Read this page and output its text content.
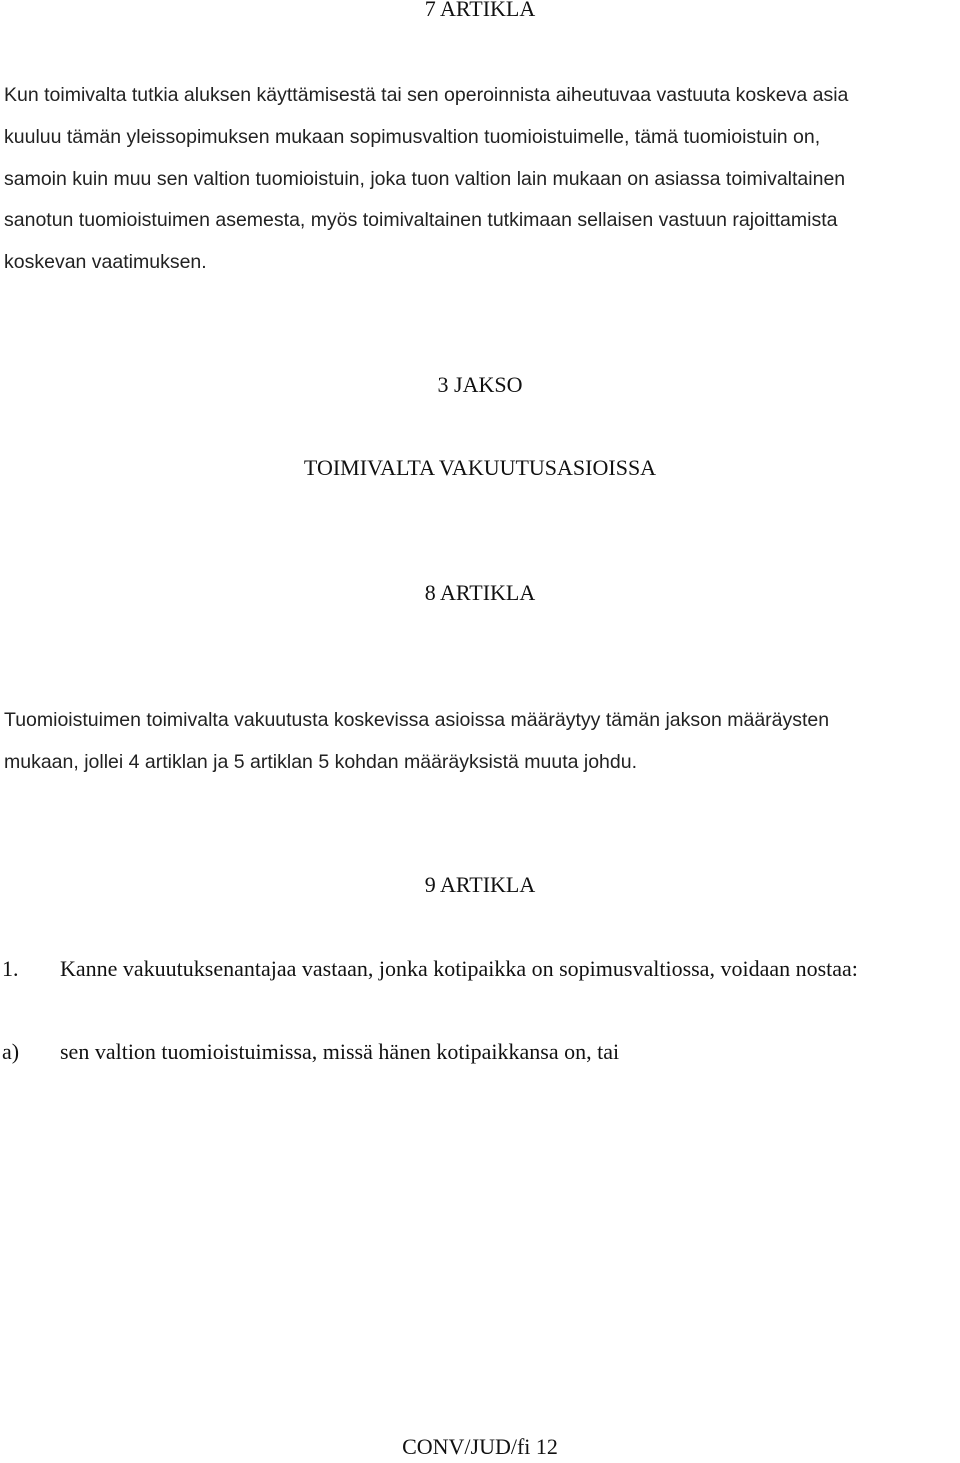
7 ARTIKLA

Kun toimivalta tutkia aluksen käyttämisestä tai sen operoinnista aiheutuvaa vastuuta koskeva asia

kuuluu tämän yleissopimuksen mukaan sopimusvaltion tuomioistuimelle, tämä tuomioistuin on,

samoin kuin muu sen valtion tuomioistuin, joka tuon valtion lain mukaan on asiassa toimivaltainen

sanotun tuomioistuimen asemesta, myös toimivaltainen tutkimaan sellaisen vastuun rajoittamista

koskevan vaatimuksen.

3 JAKSO

TOIMIVALTA VAKUUTUSASIOISSA

8 ARTIKLA

Tuomioistuimen toimivalta vakuutusta koskevissa asioissa määräytyy tämän jakson määräysten

mukaan, jollei 4 artiklan ja 5 artiklan 5 kohdan määräyksistä muuta johdu.

9 ARTIKLA

1. Kanne vakuutuksenantajaa vastaan, jonka kotipaikka on sopimusvaltiossa, voidaan nostaa:

a) sen valtion tuomioistuimissa, missä hänen kotipaikkansa on, tai

CONV/JUD/fi 12
